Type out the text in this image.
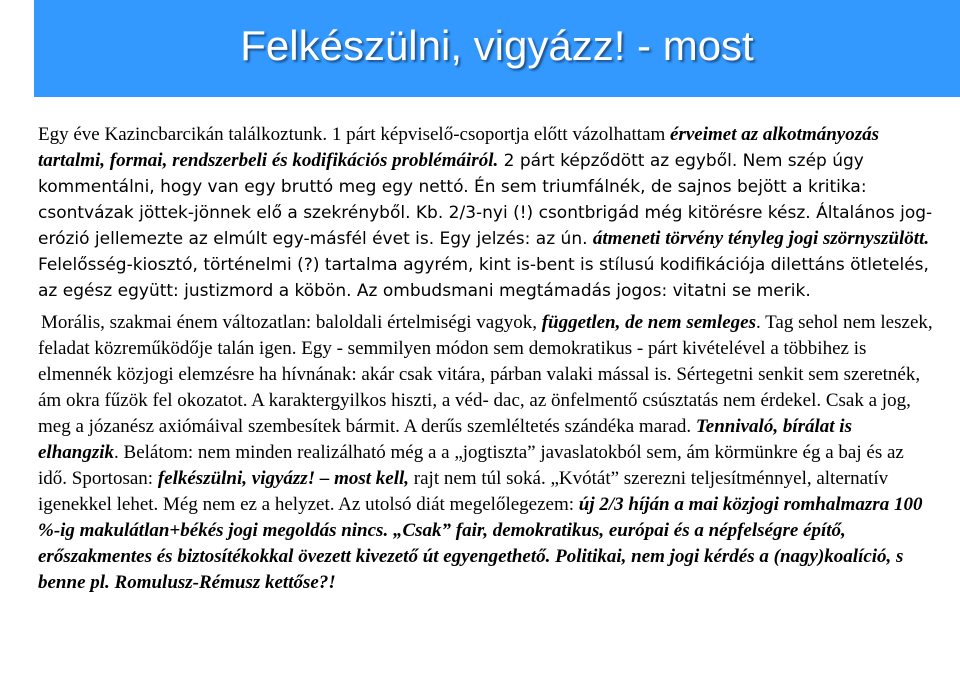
Felkészülni, vigyázz! - most

Egy éve Kazincbarcikán találkoztunk. 1 párt képviselő-csoportja előtt vázolhattam érveimet az alkotmányozás tartalmi, formai, rendszerbeli és kodifikációs problémáiról. 2 párt képződött az egyből. Nem szép úgy kommentálni, hogy van egy bruttó meg egy nettó. Én sem triumfálnék, de sajnos bejött a kritika: csontvázak jöttek-jönnek elő a szekrényből. Kb. 2/3-nyi (!) csontbrigád még kitörésre kész. Általános jog-erózió jellemezte az elmúlt egy-másfél évet is. Egy jelzés: az ún. átmeneti törvény tényleg jogi szörnyszülött. Felelősség-kiosztó, történelmi (?) tartalma agyrém, kint is-bent is stílusú kodifikációja dilettáns ötletelés, az egész együtt: justizmord a köbön. Az ombudsmani megtámadás jogos: vitatni se merik.

Morális, szakmai énem változatlan: baloldali értelmiségi vagyok, független, de nem semleges. Tag sehol nem leszek, feladat közreműködője talán igen. Egy - semmilyen módon sem demokratikus - párt kivételével a többihez is elmennék közjogi elemzésre ha hívnának: akár csak vitára, párban valaki mással is. Sértegetni senkit sem szeretnék, ám okra fűzök fel okozatot. A karaktergyilkos hiszti, a véd- dac, az önfelmentő csúsztatás nem érdekel. Csak a jog, meg a józanész axiómáival szembesítek bármit. A derűs szemléltetés szándéka marad. Tennivaló, bírálat is elhangzik. Belátom: nem minden realizálható még a a „jogtiszta” javaslatokból sem, ám körmünkre ég a baj és az idő. Sportosan: felkészülni, vigyázz! – most kell, rajt nem túl soká. „Kvótát” szerezni teljesítménnyel, alternatív igenekkel lehet. Még nem ez a helyzet. Az utolsó diát megelőlegezem: új 2/3 híján a mai közjogi romhalmazra 100 %-ig makulátlan+békés jogi megoldás nincs. „Csak” fair, demokratikus, európai és a népfelségre építő, erőszakmentes és biztosítékokkal övezett kivezető út egyengethető. Politikai, nem jogi kérdés a (nagy)koalíció, s benne pl. Romulusz-Rémusz kettőse?!
